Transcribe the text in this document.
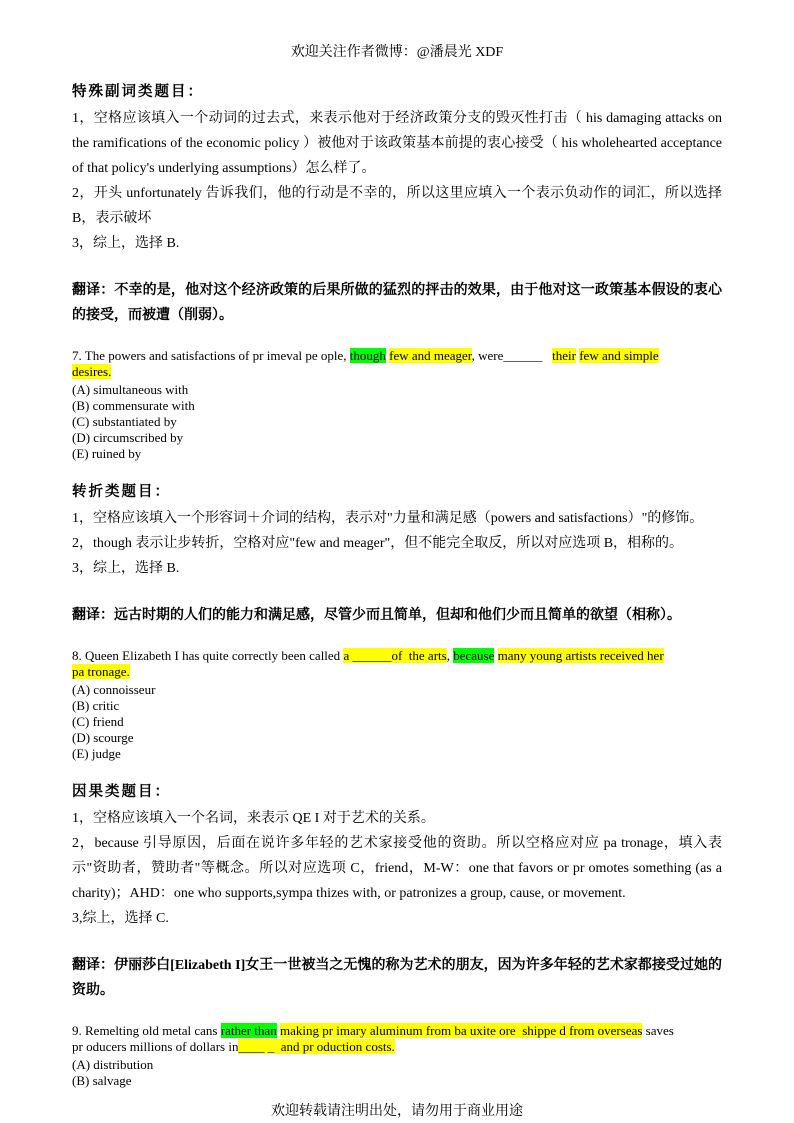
欢迎关注作者微博：@潘晨光 XDF
特殊副词类题目：

1，空格应该填入一个动词的过去式，来表示他对于经济政策分支的毁灭性打击（ his damaging attacks on the ramifications of the economic policy ）被他对于该政策基本前提的衷心接受（ his wholehearted acceptance of that policy's underlying assumptions）怎么样了。

2，开头 unfortunately 告诉我们，他的行动是不幸的，所以这里应填入一个表示负动作的词汇，所以选择 B，表示破坏

3，综上，选择 B.

翻译：不幸的是，他对这个经济政策的后果所做的猛烈的抨击的效果，由于他对这一政策基本假设的衷心的接受，而被遭（削弱）。

7. The powers and satisfactions of pr imeval pe ople, though few and meager, were______   their few and simple
desires.

(A) simultaneous with
(B) commensurate with
(C) substantiated by
(D) circumscribed by
(E) ruined by
转折类题目：

1，空格应该填入一个形容词＋介词的结构，表示对"力量和满足感（powers and satisfactions）"的修饰。

2，though 表示让步转折，空格对应"few and meager"，但不能完全取反，所以对应选项 B，相称的。

3，综上，选择 B.

翻译：远古时期的人们的能力和满足感，尽管少而且简单，但却和他们少而且简单的欲望（相称）。

8. Queen Elizabeth I has quite correctly been called a ______of  the arts, because many young artists received her
pa tronage.

(A) connoisseur
(B) critic
(C) friend
(D) scourge
(E) judge
因果类题目：

1，空格应该填入一个名词，来表示 QE I 对于艺术的关系。

2，because 引导原因，后面在说许多年轻的艺术家接受他的资助。所以空格应对应 pa tronage，填入表示"资助者，赞助者"等概念。所以对应选项 C，friend，M-W：one that favors or pr omotes something (as a charity)；AHD：one who supports,sympa thizes with, or patronizes a group, cause, or movement.

3,综上，选择 C.

翻译：伊丽莎白[Elizabeth I]女王一世被当之无愧的称为艺术的朋友，因为许多年轻的艺术家都接受过她的资助。

9. Remelting old metal cans rather than making pr imary aluminum from ba uxite ore  shippe d from overseas saves
pr oducers millions of dollars in____ _  and pr oduction costs.

(A) distribution
(B) salvage
欢迎转载请注明出处，请勿用于商业用途
